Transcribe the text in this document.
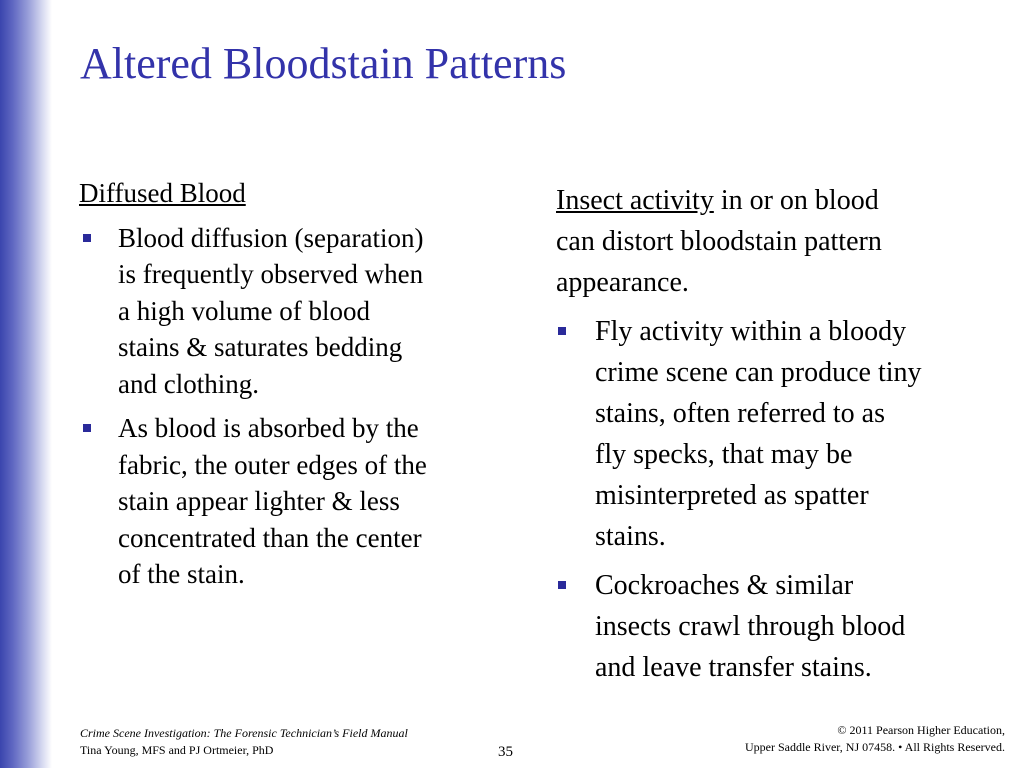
Altered Bloodstain Patterns
Diffused Blood
Blood diffusion (separation)
is frequently observed when
a high volume of blood
stains & saturates bedding
and clothing.
As blood is absorbed by the
fabric, the outer edges of the
stain appear lighter & less
concentrated than the center
of the stain.
Insect activity in or on blood
can distort bloodstain pattern
appearance.
Fly activity within a bloody
crime scene can produce tiny
stains, often referred to as
fly specks, that may be
misinterpreted as spatter
stains.
Cockroaches & similar
insects crawl through blood
and leave transfer stains.
Crime Scene Investigation: The Forensic Technician’s Field Manual
Tina Young, MFS and PJ Ortmeier, PhD	35
© 2011 Pearson Higher Education,
Upper Saddle River, NJ 07458. • All Rights Reserved.
